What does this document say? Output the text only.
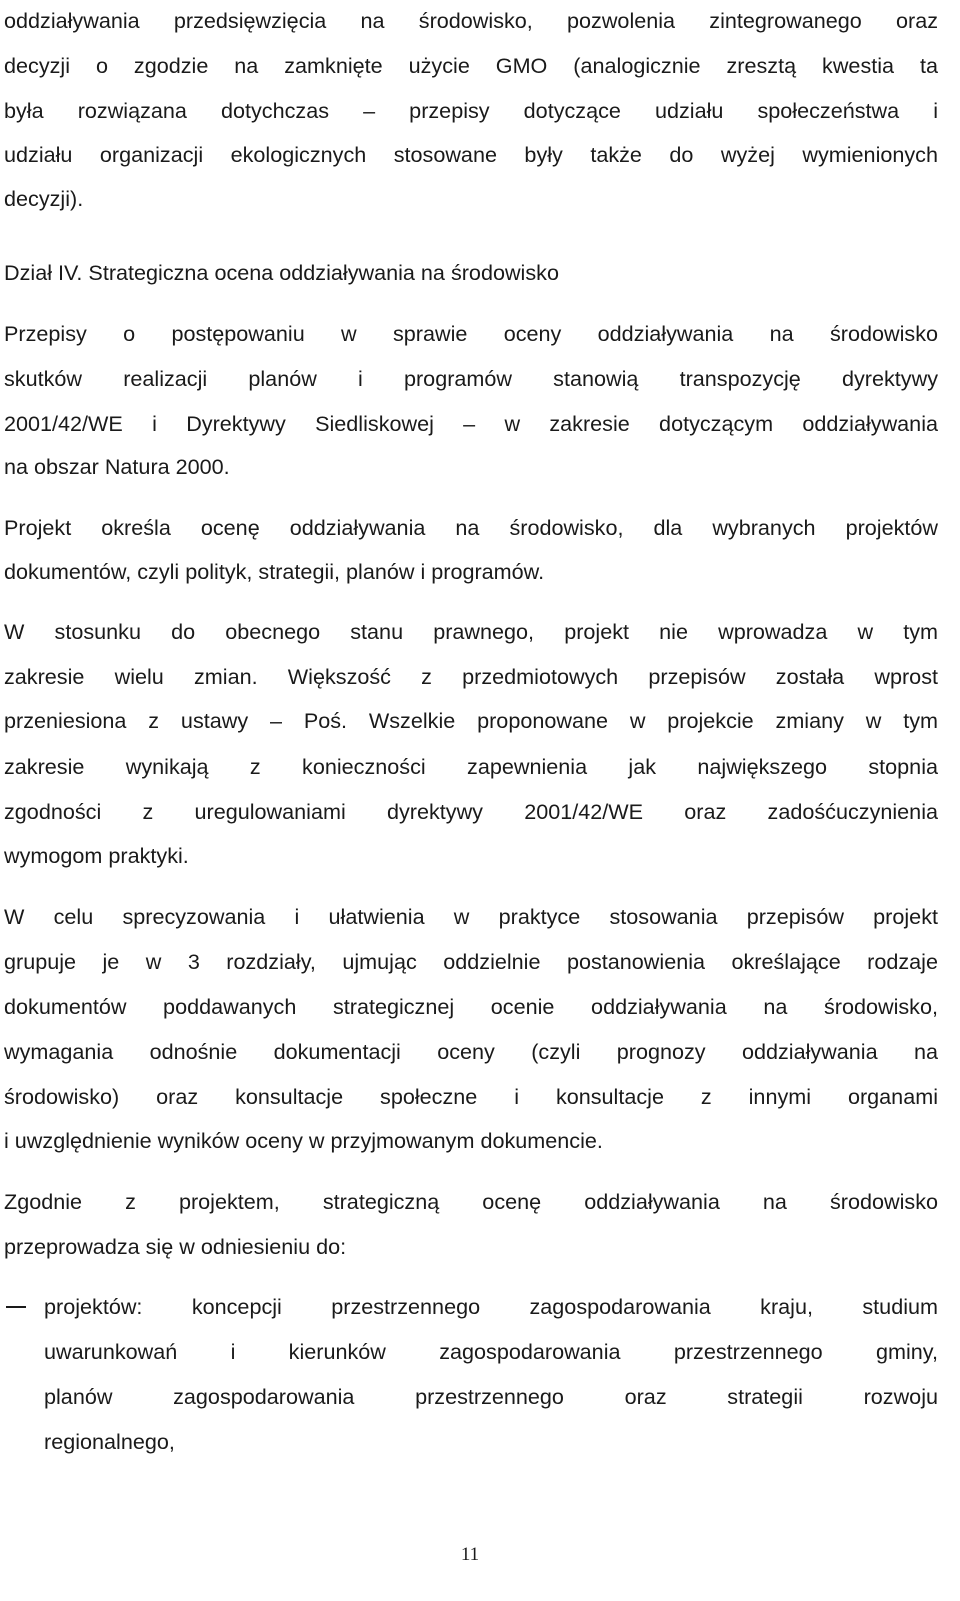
oddziaływania przedsięwzięcia na środowisko, pozwolenia zintegrowanego oraz
decyzji o zgodzie na zamknięte użycie GMO (analogicznie zresztą kwestia ta
była rozwiązana dotychczas – przepisy dotyczące udziału społeczeństwa i
udziału organizacji ekologicznych stosowane były także do wyżej wymienionych
decyzji).
Dział IV. Strategiczna ocena oddziaływania na środowisko
Przepisy o postępowaniu w sprawie oceny oddziaływania na środowisko
skutków realizacji planów i programów stanowią transpozycję dyrektywy
2001/42/WE i Dyrektywy Siedliskowej – w zakresie dotyczącym oddziaływania
na obszar Natura 2000.
Projekt określa ocenę oddziaływania na środowisko, dla wybranych projektów
dokumentów, czyli polityk, strategii, planów i programów.
W stosunku do obecnego stanu prawnego, projekt nie wprowadza w tym
zakresie wielu zmian. Większość z przedmiotowych przepisów została wprost
przeniesiona z ustawy – Poś. Wszelkie proponowane w projekcie zmiany w tym
zakresie wynikają z konieczności zapewnienia jak największego stopnia
zgodności z uregulowaniami dyrektywy 2001/42/WE oraz zadośćuczynienia
wymogom praktyki.
W celu sprecyzowania i ułatwienia w praktyce stosowania przepisów projekt
grupuje je w 3 rozdziały, ujmując oddzielnie postanowienia określające rodzaje
dokumentów poddawanych strategicznej ocenie oddziaływania na środowisko,
wymagania odnośnie dokumentacji oceny (czyli prognozy oddziaływania na
środowisko) oraz konsultacje społeczne i konsultacje z innymi organami
i uwzględnienie wyników oceny w przyjmowanym dokumencie.
Zgodnie z projektem, strategiczną ocenę oddziaływania na środowisko
przeprowadza się w odniesieniu do:
projektów: koncepcji przestrzennego zagospodarowania kraju, studium
uwarunkowań i kierunków zagospodarowania przestrzennego gminy,
planów zagospodarowania przestrzennego oraz strategii rozwoju
regionalnego,
11
